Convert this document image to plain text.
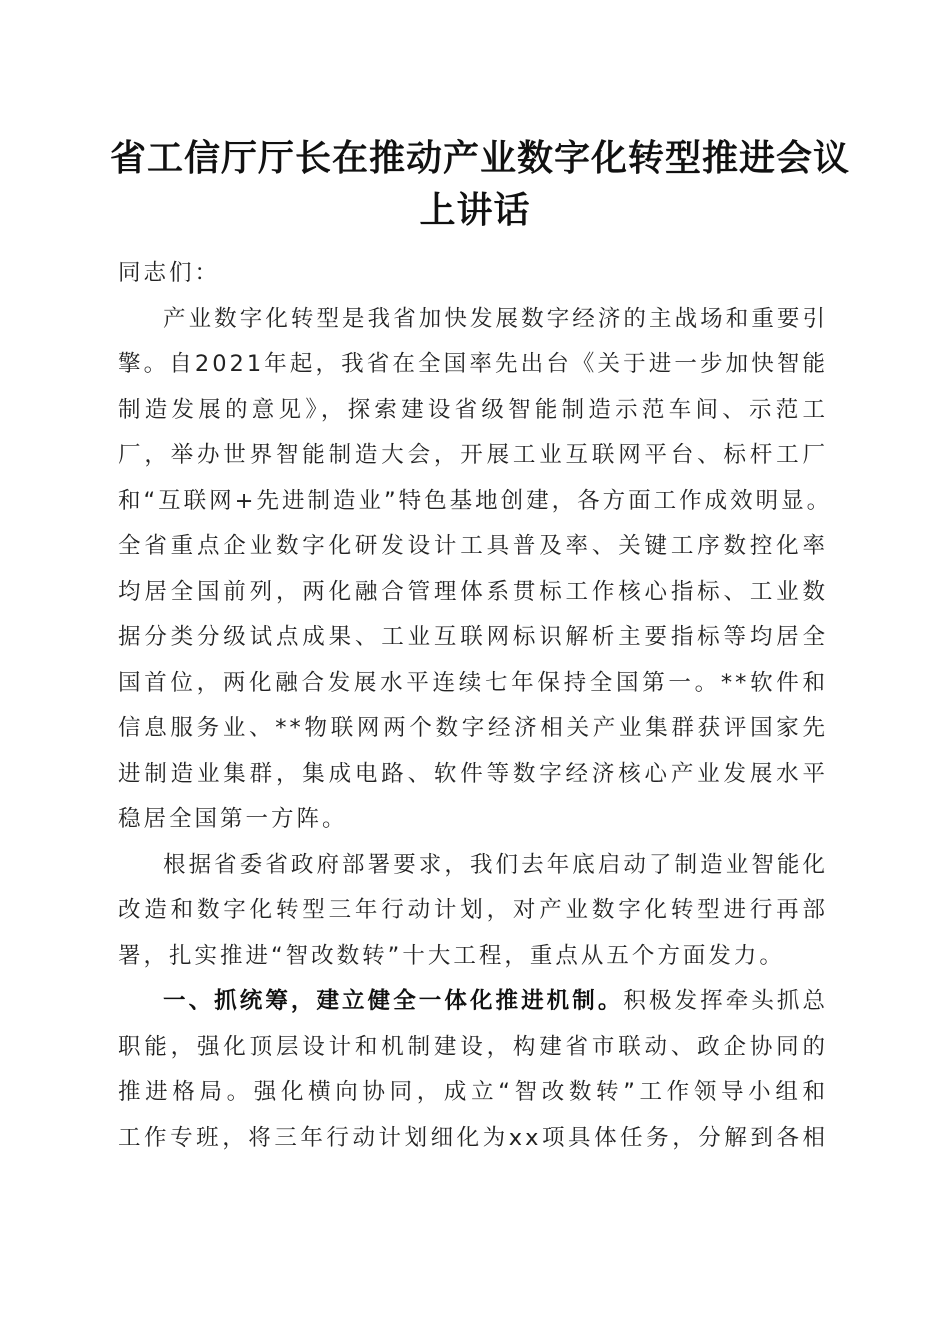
省工信厅厅长在推动产业数字化转型推进会议
上讲话

同志们：

产业数字化转型是我省加快发展数字经济的主战场和重要引
擎。自2021年起，我省在全国率先出台《关于进一步加快智能
制造发展的意见》，探索建设省级智能制造示范车间、示范工
厂，举办世界智能制造大会，开展工业互联网平台、标杆工厂
和“互联网+先进制造业”特色基地创建，各方面工作成效明显。
全省重点企业数字化研发设计工具普及率、关键工序数控化率
均居全国前列，两化融合管理体系贯标工作核心指标、工业数
据分类分级试点成果、工业互联网标识解析主要指标等均居全
国首位，两化融合发展水平连续七年保持全国第一。**软件和
信息服务业、**物联网两个数字经济相关产业集群获评国家先
进制造业集群，集成电路、软件等数字经济核心产业发展水平
稳居全国第一方阵。

根据省委省政府部署要求，我们去年底启动了制造业智能化
改造和数字化转型三年行动计划，对产业数字化转型进行再部
署，扎实推进“智改数转”十大工程，重点从五个方面发力。

一、抓统筹，建立健全一体化推进机制。积极发挥牵头抓总
职能，强化顶层设计和机制建设，构建省市联动、政企协同的
推进格局。强化横向协同，成立“智改数转”工作领导小组和
工作专班，将三年行动计划细化为xx项具体任务，分解到各相
